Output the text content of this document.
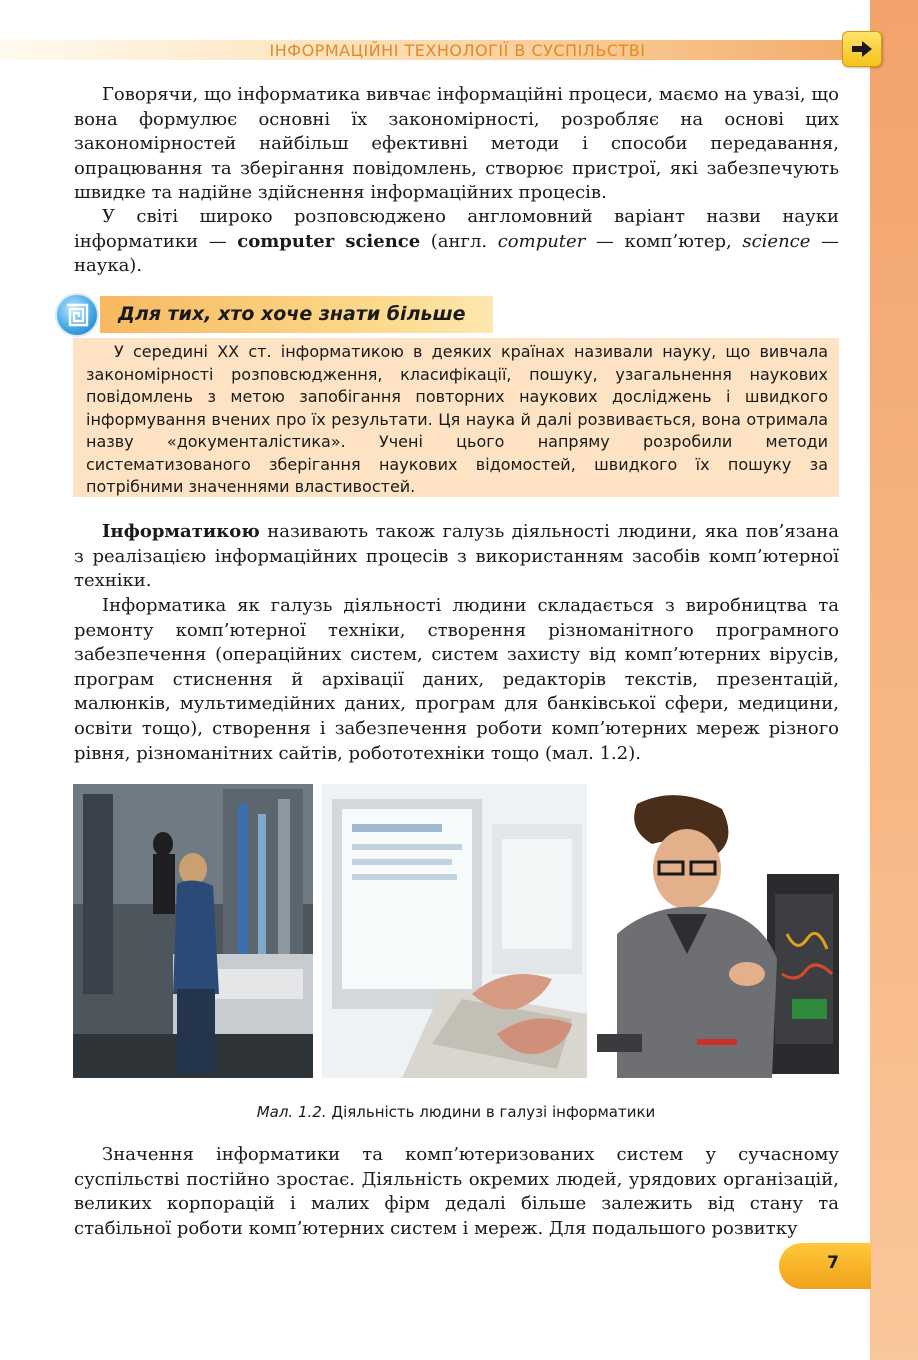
ІНФОРМАЦІЙНІ ТЕХНОЛОГІЇ В СУСПІЛЬСТВІ

Говорячи, що інформатика вивчає інформаційні процеси, маємо на увазі, що вона формулює основні їх закономірності, розробляє на основі цих закономірностей найбільш ефективні методи і способи передавання, опрацювання та зберігання повідомлень, створює пристрої, які забезпечують швидке та надійне здійснення інформаційних процесів.

У світі широко розповсюджено англомовний варіант назви науки інформатики — computer science (англ. computer — комп’ютер, science — наука).

Для тих, хто хоче знати більше

У середині XX ст. інформатикою в деяких країнах називали науку, що вивчала закономірності розповсюдження, класифікації, пошуку, узагальнення наукових повідомлень з метою запобігання повторних наукових досліджень і швидкого інформування вчених про їх результати. Ця наука й далі розвивається, вона отримала назву «документалістика». Учені цього напряму розробили методи систематизованого зберігання наукових відомостей, швидкого їх пошуку за потрібними значеннями властивостей.

Інформатикою називають також галузь діяльності людини, яка пов’язана з реалізацією інформаційних процесів з використанням засобів комп’ютерної техніки.

Інформатика як галузь діяльності людини складається з виробництва та ремонту комп’ютерної техніки, створення різноманітного програмного забезпечення (операційних систем, систем захисту від комп’ютерних вірусів, програм стиснення й архівації даних, редакторів текстів, презентацій, малюнків, мультимедійних даних, програм для банківської сфери, медицини, освіти тощо), створення і забезпечення роботи комп’ютерних мереж різного рівня, різноманітних сайтів, робототехніки тощо (мал. 1.2).

Мал. 1.2. Діяльність людини в галузі інформатики

Значення інформатики та комп’ютеризованих систем у сучасному суспільстві постійно зростає. Діяльність окремих людей, урядових організацій, великих корпорацій і малих фірм дедалі більше залежить від стану та стабільної роботи комп’ютерних систем і мереж. Для подальшого розвитку

7
